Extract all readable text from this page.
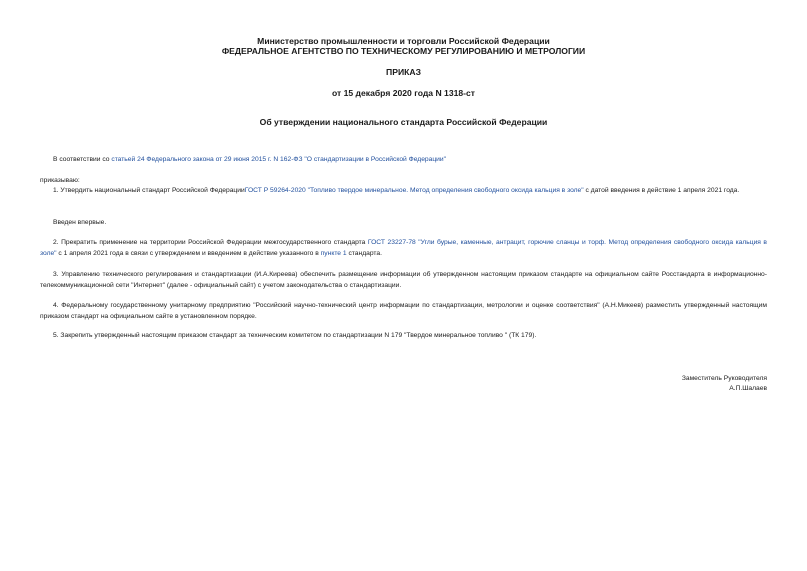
Министерство промышленности и торговли Российской Федерации
ФЕДЕРАЛЬНОЕ АГЕНТСТВО ПО ТЕХНИЧЕСКОМУ РЕГУЛИРОВАНИЮ И МЕТРОЛОГИИ
ПРИКАЗ
от 15 декабря 2020 года N 1318-ст
Об утверждении национального стандарта Российской Федерации
В соответствии со статьей 24 Федерального закона от 29 июня 2015 г. N 162-ФЗ "О стандартизации в Российской Федерации"
приказываю:
1. Утвердить национальный стандарт Российской ФедерацииГОСТ Р 59264-2020 "Топливо твердое минеральное. Метод определения свободного оксида кальция в золе" с датой введения в действие 1 апреля 2021 года.
Введен впервые.
2. Прекратить применение на территории Российской Федерации межгосударственного стандарта ГОСТ 23227-78 "Угли бурые, каменные, антрацит, горючие сланцы и торф. Метод определения свободного оксида кальция в золе" с 1 апреля 2021 года в связи с утверждением и введением в действие указанного в пункте 1 стандарта.
3. Управлению технического регулирования и стандартизации (И.А.Киреева) обеспечить размещение информации об утвержденном настоящим приказом стандарте на официальном сайте Росстандарта в информационно-телекоммуникационной сети "Интернет" (далее - официальный сайт) с учетом законодательства о стандартизации.
4. Федеральному государственному унитарному предприятию "Российский научно-технический центр информации по стандартизации, метрологии и оценке соответствия" (А.Н.Микеев) разместить утвержденный настоящим приказом стандарт на официальном сайте в установленном порядке.
5. Закрепить утвержденный настоящим приказом стандарт за техническим комитетом по стандартизации N 179 "Твердое минеральное топливо " (ТК 179).
Заместитель Руководителя
А.П.Шалаев
